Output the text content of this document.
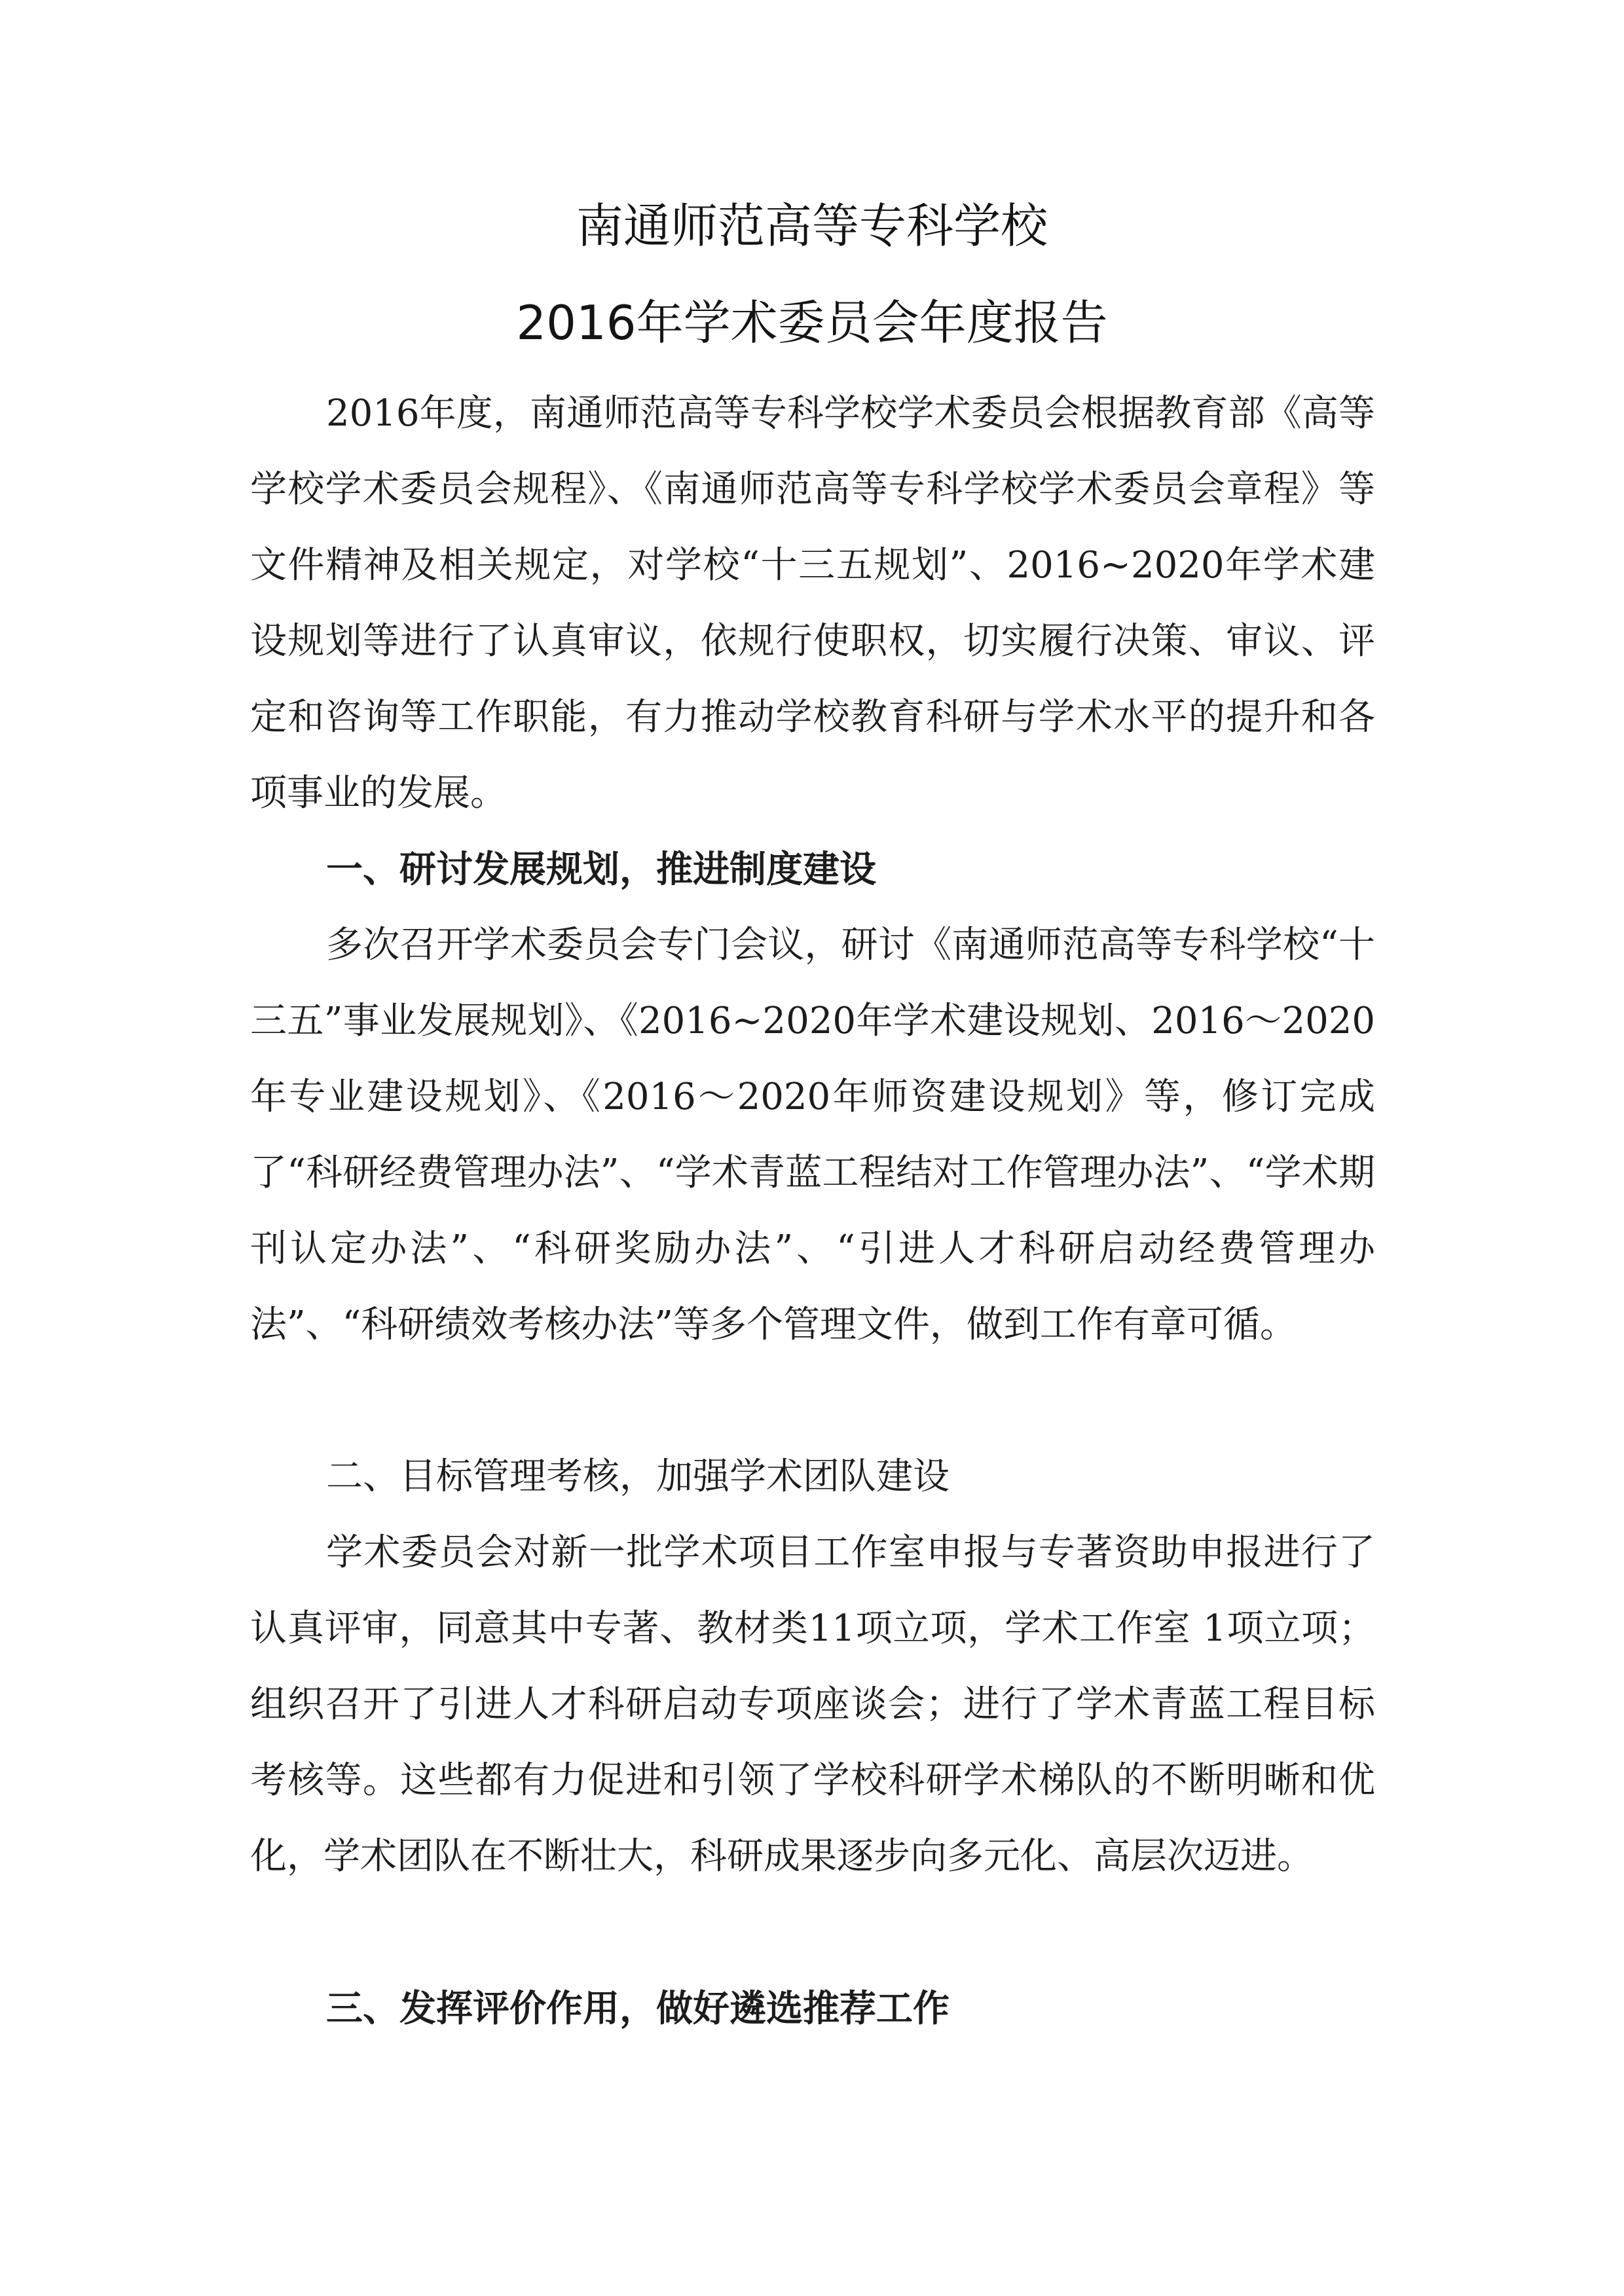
南通师范高等专科学校
2016年学术委员会年度报告

2016年度，南通师范高等专科学校学术委员会根据教育部《高等学校学术委员会规程》、《南通师范高等专科学校学术委员会章程》等文件精神及相关规定，对学校“十三五规划”、2016~2020年学术建设规划等进行了认真审议，依规行使职权，切实履行决策、审议、评定和咨询等工作职能，有力推动学校教育科研与学术水平的提升和各项事业的发展。

一、研讨发展规划，推进制度建设

多次召开学术委员会专门会议，研讨《南通师范高等专科学校“十三五”事业发展规划》、《2016~2020年学术建设规划、2016～2020年专业建设规划》、《2016～2020年师资建设规划》等，修订完成了“科研经费管理办法”、“学术青蓝工程结对工作管理办法”、“学术期刊认定办法”、“科研奖励办法”、“引进人才科研启动经费管理办法”、“科研绩效考核办法”等多个管理文件，做到工作有章可循。

二、目标管理考核，加强学术团队建设

学术委员会对新一批学术项目工作室申报与专著资助申报进行了认真评审，同意其中专著、教材类11项立项，学术工作室 1项立项；组织召开了引进人才科研启动专项座谈会；进行了学术青蓝工程目标考核等。这些都有力促进和引领了学校科研学术梯队的不断明晰和优化，学术团队在不断壮大，科研成果逐步向多元化、高层次迈进。

三、发挥评价作用，做好遴选推荐工作
